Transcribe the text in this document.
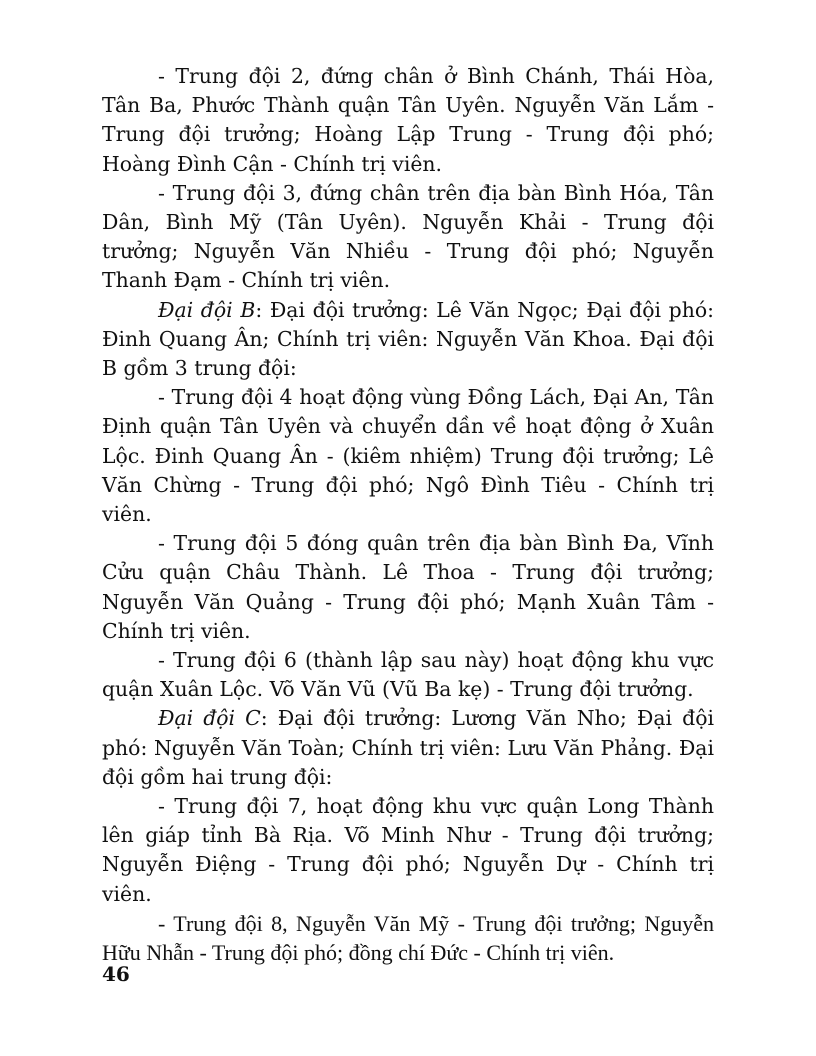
- Trung đội 2, đứng chân ở Bình Chánh, Thái Hòa, Tân Ba, Phước Thành quận Tân Uyên. Nguyễn Văn Lắm - Trung đội trưởng; Hoàng Lập Trung - Trung đội phó; Hoàng Đình Cận - Chính trị viên.

- Trung đội 3, đứng chân trên địa bàn Bình Hóa, Tân Dân, Bình Mỹ (Tân Uyên). Nguyễn Khải - Trung đội trưởng; Nguyễn Văn Nhiều - Trung đội phó; Nguyễn Thanh Đạm - Chính trị viên.

Đại đội B: Đại đội trưởng: Lê Văn Ngọc; Đại đội phó: Đinh Quang Ân; Chính trị viên: Nguyễn Văn Khoa. Đại đội B gồm 3 trung đội:

- Trung đội 4 hoạt động vùng Đồng Lách, Đại An, Tân Định quận Tân Uyên và chuyển dần về hoạt động ở Xuân Lộc. Đinh Quang Ân - (kiêm nhiệm) Trung đội trưởng; Lê Văn Chừng - Trung đội phó; Ngô Đình Tiêu - Chính trị viên.

- Trung đội 5 đóng quân trên địa bàn Bình Đa, Vĩnh Cửu quận Châu Thành. Lê Thoa - Trung đội trưởng; Nguyễn Văn Quảng - Trung đội phó; Mạnh Xuân Tâm - Chính trị viên.

- Trung đội 6 (thành lập sau này) hoạt động khu vực quận Xuân Lộc. Võ Văn Vũ (Vũ Ba kẹ) - Trung đội trưởng.

Đại đội C: Đại đội trưởng: Lương Văn Nho; Đại đội phó: Nguyễn Văn Toàn; Chính trị viên: Lưu Văn Phảng. Đại đội gồm hai trung đội:

- Trung đội 7, hoạt động khu vực quận Long Thành lên giáp tỉnh Bà Rịa. Võ Minh Như - Trung đội trưởng; Nguyễn Điệng - Trung đội phó; Nguyễn Dự - Chính trị viên.

- Trung đội 8, Nguyễn Văn Mỹ - Trung đội trưởng; Nguyễn Hữu Nhẫn - Trung đội phó; đồng chí Đức - Chính trị viên.

46
